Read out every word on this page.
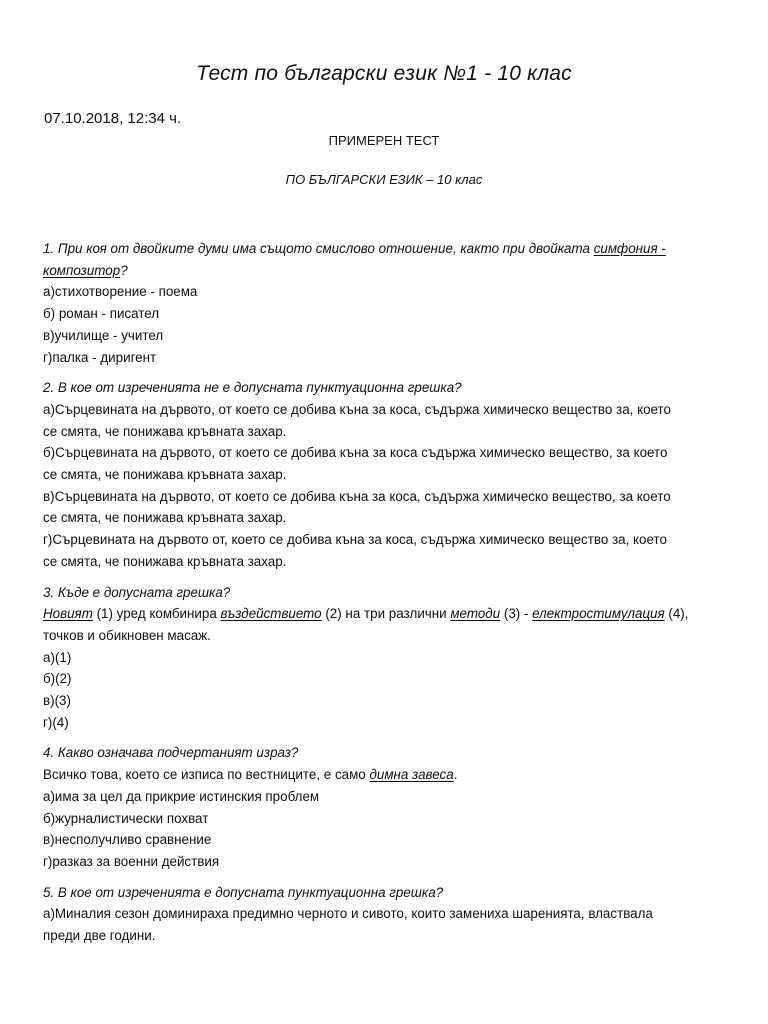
Тест по български език №1 - 10 клас
07.10.2018, 12:34 ч.
ПРИМЕРЕН ТЕСТ
ПО БЪЛГАРСКИ ЕЗИК – 10 клас
1. При коя от двойките думи има същото смислово отношение, както при двойката симфония -
композитор?
а)стихотворение - поема
б) роман - писател
в)училище - учител
г)палка - диригент
2. В кое от изреченията не е допусната пунктуационна грешка?
а)Сърцевината на дървото, от което се добива къна за коса, съдържа химическо вещество за, което
се смята, че понижава кръвната захар.
б)Сърцевината на дървото, от което се добива къна за коса съдържа химическо вещество, за което
се смята, че понижава кръвната захар.
в)Сърцевината на дървото, от което се добива къна за коса, съдържа химическо вещество, за което
се смята, че понижава кръвната захар.
г)Сърцевината на дървото от, което се добива къна за коса, съдържа химическо вещество за, което
се смята, че понижава кръвната захар.
3. Къде е допусната грешка?
Новият (1) уред комбинира въздействието (2) на три различни методи (3) - електростимулация (4),
точков и обикновен масаж.
а)(1)
б)(2)
в)(3)
г)(4)
4. Какво означава подчертаният израз?
Всичко това, което се изписа по вестниците, е само димна завеса.
а)има за цел да прикрие истинския проблем
б)журналистически похват
в)несполучливо сравнение
г)разказ за военни действия
5. В кое от изреченията е допусната пунктуационна грешка?
а)Миналия сезон доминираха предимно черното и сивото, които замениха шаренията, властвала
преди две години.
